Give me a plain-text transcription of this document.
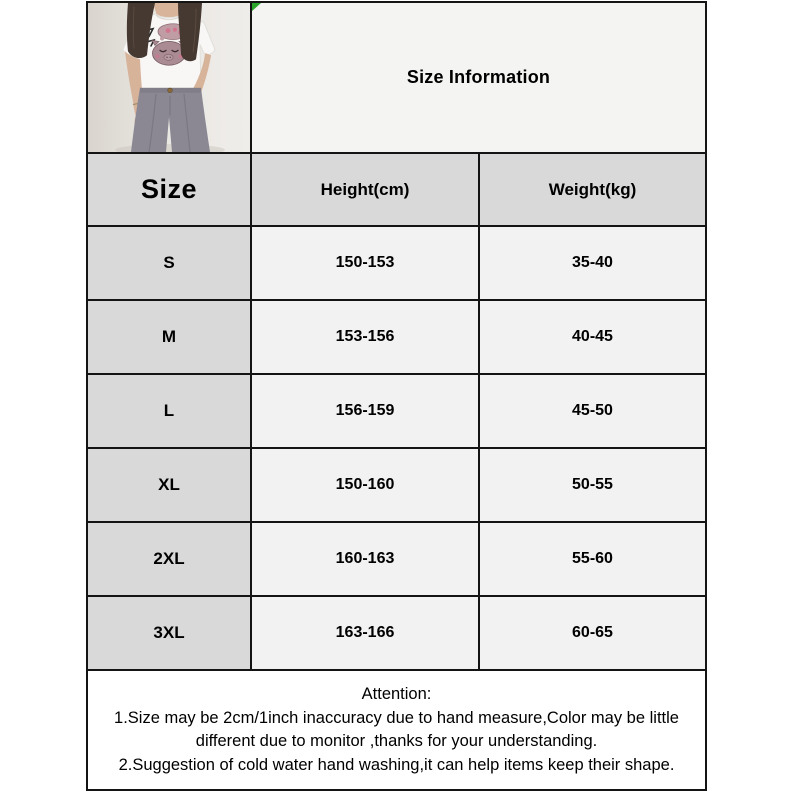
Size Information	
Size	Height(cm)	Weight(kg)
S	150-153	35-40
M	153-156	40-45
L	156-159	45-50
XL	150-160	50-55
2XL	160-163	55-60
3XL	163-166	60-65

Attention:
1.Size may be 2cm/1inch inaccuracy due to hand measure,Color may be little different due to monitor ,thanks for your understanding.
2.Suggestion of cold water hand washing,it can help items keep their shape.		
